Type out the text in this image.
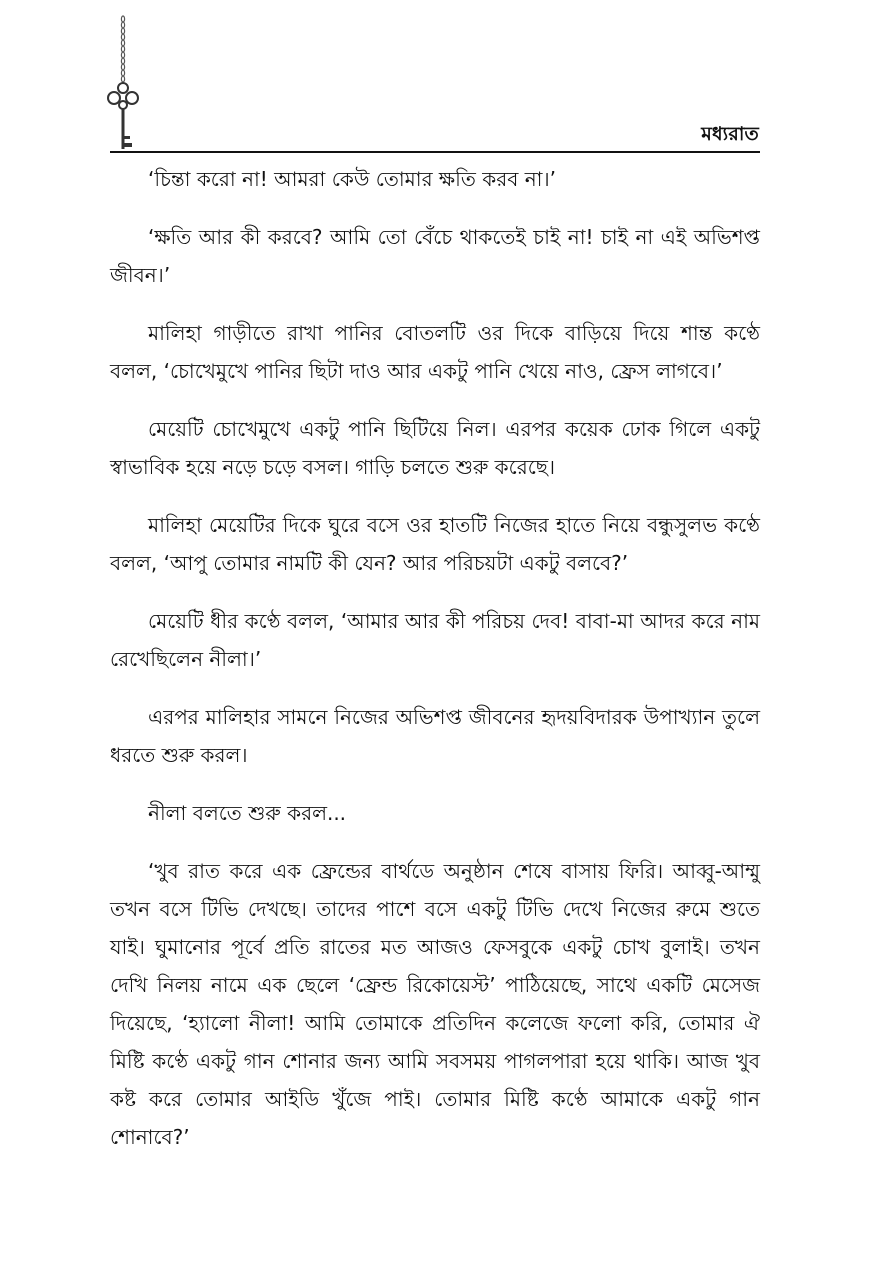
মধ্যরাত

‘চিন্তা করো না! আমরা কেউ তোমার ক্ষতি করব না।’

‘ক্ষতি আর কী করবে? আমি তো বেঁচে থাকতেই চাই না! চাই না এই অভিশপ্ত জীবন।’

মালিহা গাড়ীতে রাখা পানির বোতলটি ওর দিকে বাড়িয়ে দিয়ে শান্ত কণ্ঠে বলল, ‘চোখেমুখে পানির ছিটা দাও আর একটু পানি খেয়ে নাও, ফ্রেস লাগবে।’

মেয়েটি চোখেমুখে একটু পানি ছিটিয়ে নিল। এরপর কয়েক ঢোক গিলে একটু স্বাভাবিক হয়ে নড়ে চড়ে বসল। গাড়ি চলতে শুরু করেছে।

মালিহা মেয়েটির দিকে ঘুরে বসে ওর হাতটি নিজের হাতে নিয়ে বন্ধুসুলভ কণ্ঠে বলল, ‘আপু তোমার নামটি কী যেন? আর পরিচয়টা একটু বলবে?’

মেয়েটি ধীর কণ্ঠে বলল, ‘আমার আর কী পরিচয় দেব! বাবা-মা আদর করে নাম রেখেছিলেন নীলা।’

এরপর মালিহার সামনে নিজের অভিশপ্ত জীবনের হৃদয়বিদারক উপাখ্যান তুলে ধরতে শুরু করল।

নীলা বলতে শুরু করল...

‘খুব রাত করে এক ফ্রেন্ডের বার্থডে অনুষ্ঠান শেষে বাসায় ফিরি। আব্বু-আম্মু তখন বসে টিভি দেখছে। তাদের পাশে বসে একটু টিভি দেখে নিজের রুমে শুতে যাই। ঘুমানোর পূর্বে প্রতি রাতের মত আজও ফেসবুকে একটু চোখ বুলাই। তখন দেখি নিলয় নামে এক ছেলে ‘ফ্রেন্ড রিকোয়েস্ট’ পাঠিয়েছে, সাথে একটি মেসেজ দিয়েছে, ‘হ্যালো নীলা! আমি তোমাকে প্রতিদিন কলেজে ফলো করি, তোমার ঐ মিষ্টি কণ্ঠে একটু গান শোনার জন্য আমি সবসময় পাগলপারা হয়ে থাকি। আজ খুব কষ্ট করে তোমার আইডি খুঁজে পাই। তোমার মিষ্টি কণ্ঠে আমাকে একটু গান শোনাবে?’
